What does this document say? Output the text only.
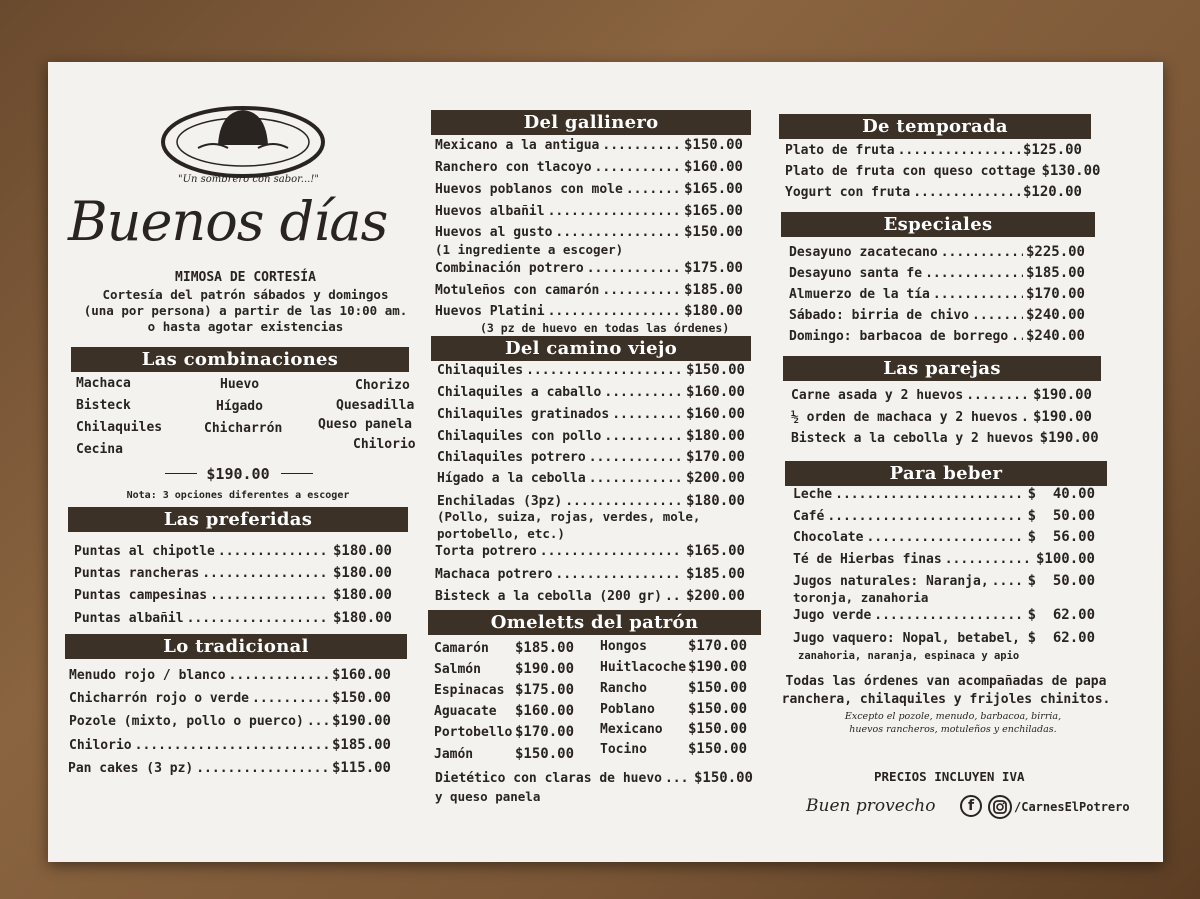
"Un sombrero con sabor...!"
Buenos días
MIMOSA DE CORTESÍA
Cortesía del patrón sábados y domingos
(una por persona) a partir de las 10:00 am.
o hasta agotar existencias
Las combinaciones
Machaca
Bisteck
Chilaquiles
Cecina
Huevo
Hígado
Chicharrón
Chorizo
Quesadilla
Queso panela
Chilorio
$190.00
Nota: 3 opciones diferentes a escoger
Las preferidas
Puntas al chipotle .....	$180.00
Puntas rancheras .....	$180.00
Puntas campesinas .....	$180.00
Puntas albañil .....	$180.00
Lo tradicional
Menudo rojo / blanco .....	$160.00
Chicharrón rojo o verde .....	$150.00
Pozole (mixto, pollo o puerco) ..... $190.00
Chilorio .....	$185.00
Pan cakes (3 pz) .....	$115.00
Del gallinero
Mexicano a la antigua .....	$150.00
Ranchero con tlacoyo .....	$160.00
Huevos poblanos con mole .....	$165.00
Huevos albañil .....	$165.00
Huevos al gusto .....	$150.00
(1 ingrediente a escoger)
Combinación potrero .....	$175.00
Motuleños con camarón .....	$185.00
Huevos Platini .....	$180.00
(3 pz de huevo en todas las órdenes)
Del camino viejo
Chilaquiles .....	$150.00
Chilaquiles a caballo .....	$160.00
Chilaquiles gratinados .....	$160.00
Chilaquiles con pollo .....	$180.00
Chilaquiles potrero .....	$170.00
Hígado a la cebolla .....	$200.00
Enchiladas (3pz) .....	$180.00
(Pollo, suiza, rojas, verdes, mole,
portobello, etc.)
Torta potrero .....	$165.00
Machaca potrero .....	$185.00
Bisteck a la cebolla (200 gr) ..... $200.00
Omeletts del patrón
Camarón $185.00
Salmón $190.00
Espinacas $175.00
Aguacate $160.00
Portobello $170.00
Jamón	$150.00
Hongos	$170.00
Huitlacoche $190.00
Rancho	$150.00
Poblano $150.00
Mexicano $150.00
Tocino	$150.00
Dietético con claras de huevo ..... $150.00
y queso panela
De temporada
Plato de fruta .....	$125.00
Plato de fruta con queso cottage $130.00
Yogurt con fruta .....	$120.00
Especiales
Desayuno zacatecano .....	$225.00
Desayuno santa fe .....	$185.00
Almuerzo de la tía .....	$170.00
Sábado: birria de chivo .....	$240.00
Domingo: barbacoa de borrego ..... $240.00
Las parejas
Carne asada y 2 huevos .....	$190.00
½ orden de machaca y 2 huevos ..... $190.00
Bisteck a la cebolla y 2 huevos $190.00
Para beber
Leche .....	$  40.00
Café .....	$  50.00
Chocolate .....	$  56.00
Té de Hierbas finas .....	$100.00
Jugos naturales: Naranja, .....	$  50.00
toronja, zanahoria
Jugo verde .....	$  62.00
Jugo vaquero: Nopal, betabel, ..... $  62.00
zanahoria, naranja, espinaca y apio
Todas las órdenes van acompañadas de papa
ranchera, chilaquiles y frijoles chinitos.
Excepto el pozole, menudo, barbacoa, birria,
huevos rancheros, motuleños y enchiladas.
PRECIOS INCLUYEN IVA
Buen provecho	f	/CarnesElPotrero
